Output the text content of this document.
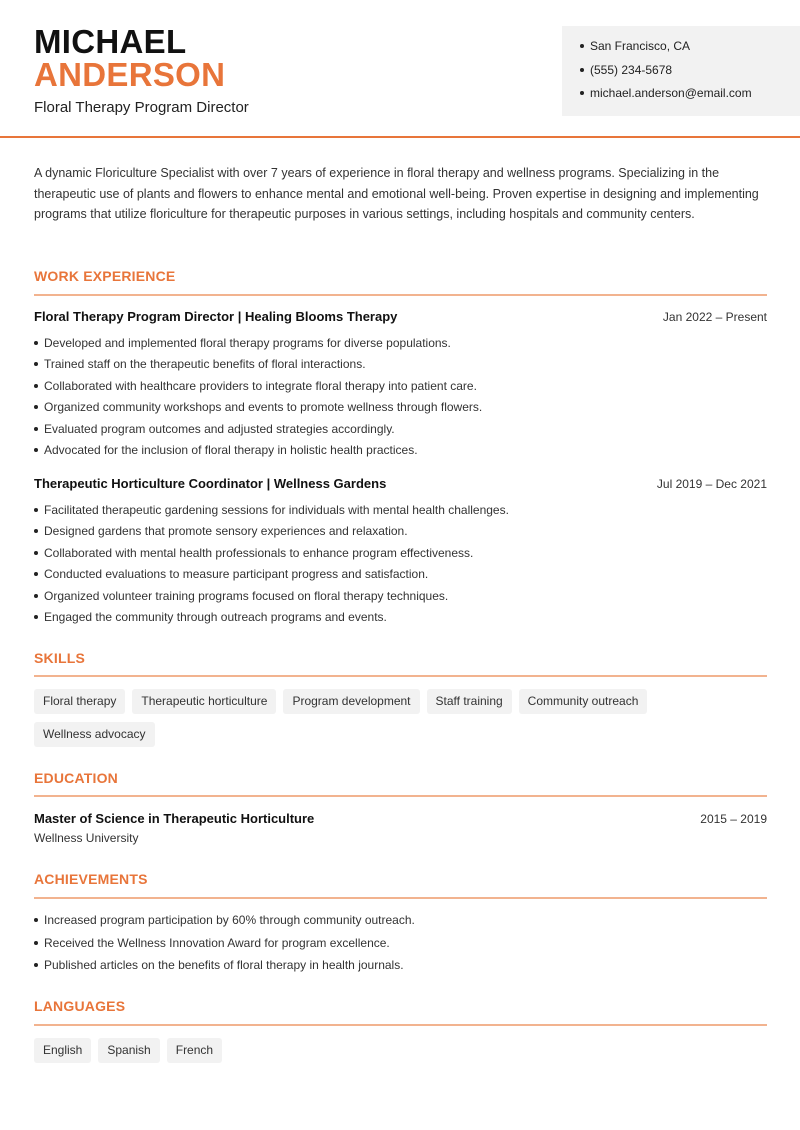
MICHAEL
ANDERSON
Floral Therapy Program Director
San Francisco, CA
(555) 234-5678
michael.anderson@email.com

A dynamic Floriculture Specialist with over 7 years of experience in floral therapy and wellness programs. Specializing in the therapeutic use of plants and flowers to enhance mental and emotional well-being. Proven expertise in designing and implementing programs that utilize floriculture for therapeutic purposes in various settings, including hospitals and community centers.

WORK EXPERIENCE
Floral Therapy Program Director | Healing Blooms Therapy	Jan 2022 – Present
Developed and implemented floral therapy programs for diverse populations.
Trained staff on the therapeutic benefits of floral interactions.
Collaborated with healthcare providers to integrate floral therapy into patient care.
Organized community workshops and events to promote wellness through flowers.
Evaluated program outcomes and adjusted strategies accordingly.
Advocated for the inclusion of floral therapy in holistic health practices.
Therapeutic Horticulture Coordinator | Wellness Gardens	Jul 2019 – Dec 2021
Facilitated therapeutic gardening sessions for individuals with mental health challenges.
Designed gardens that promote sensory experiences and relaxation.
Collaborated with mental health professionals to enhance program effectiveness.
Conducted evaluations to measure participant progress and satisfaction.
Organized volunteer training programs focused on floral therapy techniques.
Engaged the community through outreach programs and events.
SKILLS
Floral therapy	Therapeutic horticulture	Program development	Staff training	Community outreach
Wellness advocacy
EDUCATION
Master of Science in Therapeutic Horticulture	2015 – 2019
Wellness University
ACHIEVEMENTS
Increased program participation by 60% through community outreach.
Received the Wellness Innovation Award for program excellence.
Published articles on the benefits of floral therapy in health journals.
LANGUAGES
English	Spanish	French
